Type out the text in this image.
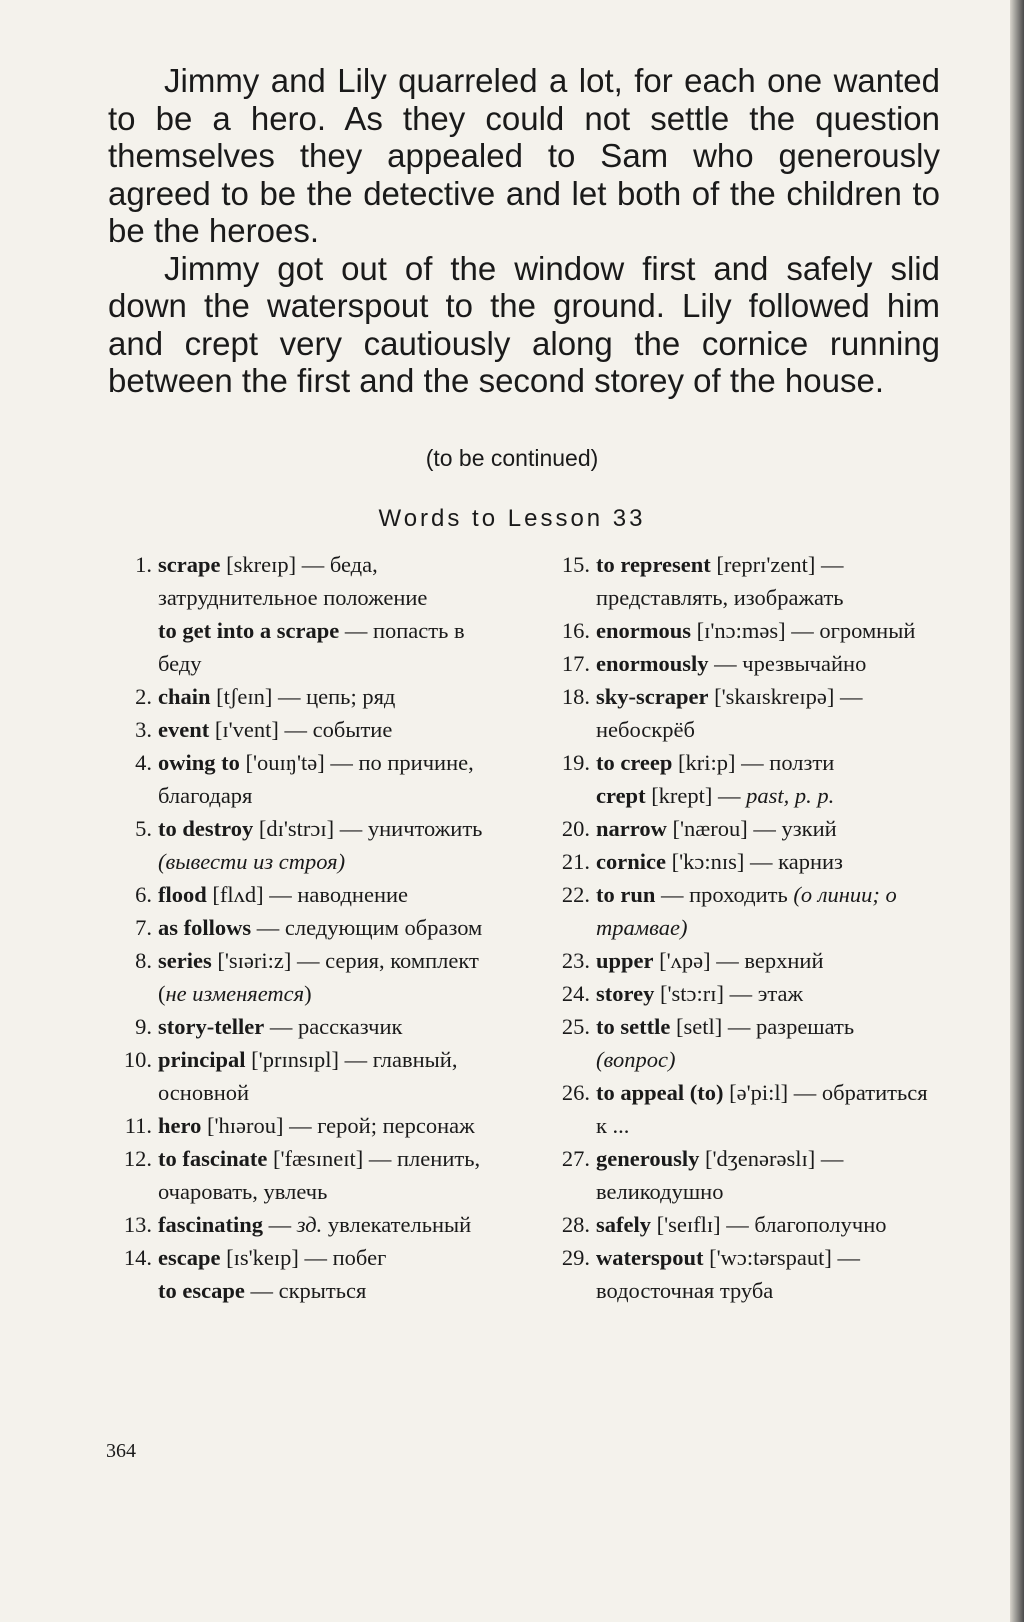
Jimmy and Lily quarreled a lot, for each one wanted to be a hero. As they could not settle the question themselves they appealed to Sam who generously agreed to be the detective and let both of the children to be the heroes.

Jimmy got out of the window first and safely slid down the waterspout to the ground. Lily followed him and crept very cautiously along the cornice running between the first and the second storey of the house.

(to be continued)
Words to Lesson 33
1. scrape [skreɪp] — беда, затруднительное положение
to get into a scrape — попасть в беду
2. chain [tʃeɪn] — цепь; ряд
3. event [ɪ'vent] — событие
4. owing to ['ouɪŋ'tə] — по причине, благодаря
5. to destroy [dɪ'strɔɪ] — уничтожить (вывести из строя)
6. flood [flʌd] — наводнение
7. as follows — следующим образом
8. series ['sɪəri:z] — серия, комплект (не изменяется)
9. story-teller — рассказчик
10. principal ['prɪnsɪpl] — главный, основной
11. hero ['hɪərou] — герой; персонаж
12. to fascinate ['fæsɪneɪt] — пленить, очаровать, увлечь
13. fascinating — зд. увлекательный
14. escape [ɪs'keɪp] — побег
to escape — скрыться
15. to represent [reprɪ'zent] — представлять, изображать
16. enormous [ɪ'nɔ:məs] — огромный
17. enormously — чрезвычайно
18. sky-scraper ['skaɪskreɪpə] — небоскрёб
19. to creep [kri:p] — ползти
crept [krept] — past, p. p.
20. narrow ['nærou] — узкий
21. cornice ['kɔ:nɪs] — карниз
22. to run — проходить (о линии; о трамвае)
23. upper ['ʌpə] — верхний
24. storey ['stɔ:rɪ] — этаж
25. to settle [setl] — разрешать (вопрос)
26. to appeal (to) [ə'pi:l] — обратиться к ...
27. generously ['dʒenərəslɪ] — великодушно
28. safely ['seɪflɪ] — благополучно
29. waterspout ['wɔ:tərspaut] — водосточная труба
364
